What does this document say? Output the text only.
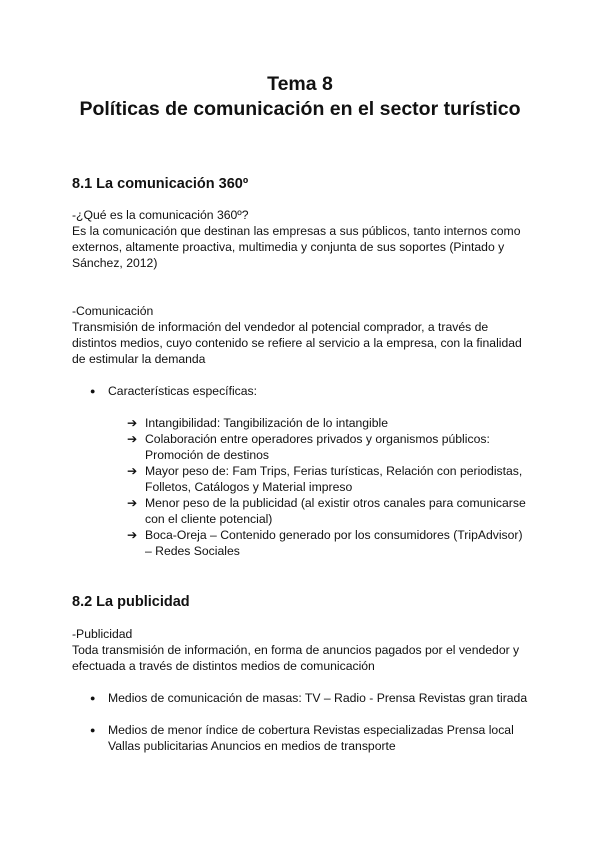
Tema 8
Políticas de comunicación en el sector turístico
8.1 La comunicación 360º
-¿Qué es la comunicación 360º?
Es la comunicación que destinan las empresas a sus públicos, tanto internos como
externos, altamente proactiva, multimedia y conjunta de sus soportes (Pintado y
Sánchez, 2012)
-Comunicación
Transmisión de información del vendedor al potencial comprador, a través de
distintos medios, cuyo contenido se refiere al servicio a la empresa, con la finalidad
de estimular la demanda
● Características específicas:
➔ Intangibilidad: Tangibilización de lo intangible
➔ Colaboración entre operadores privados y organismos públicos:
Promoción de destinos
➔ Mayor peso de: Fam Trips, Ferias turísticas, Relación con periodistas,
Folletos, Catálogos y Material impreso
➔ Menor peso de la publicidad (al existir otros canales para comunicarse
con el cliente potencial)
➔ Boca-Oreja – Contenido generado por los consumidores (TripAdvisor)
– Redes Sociales
8.2 La publicidad
-Publicidad
Toda transmisión de información, en forma de anuncios pagados por el vendedor y
efectuada a través de distintos medios de comunicación
● Medios de comunicación de masas: TV – Radio - Prensa Revistas gran tirada
● Medios de menor índice de cobertura Revistas especializadas Prensa local
Vallas publicitarias Anuncios en medios de transporte
